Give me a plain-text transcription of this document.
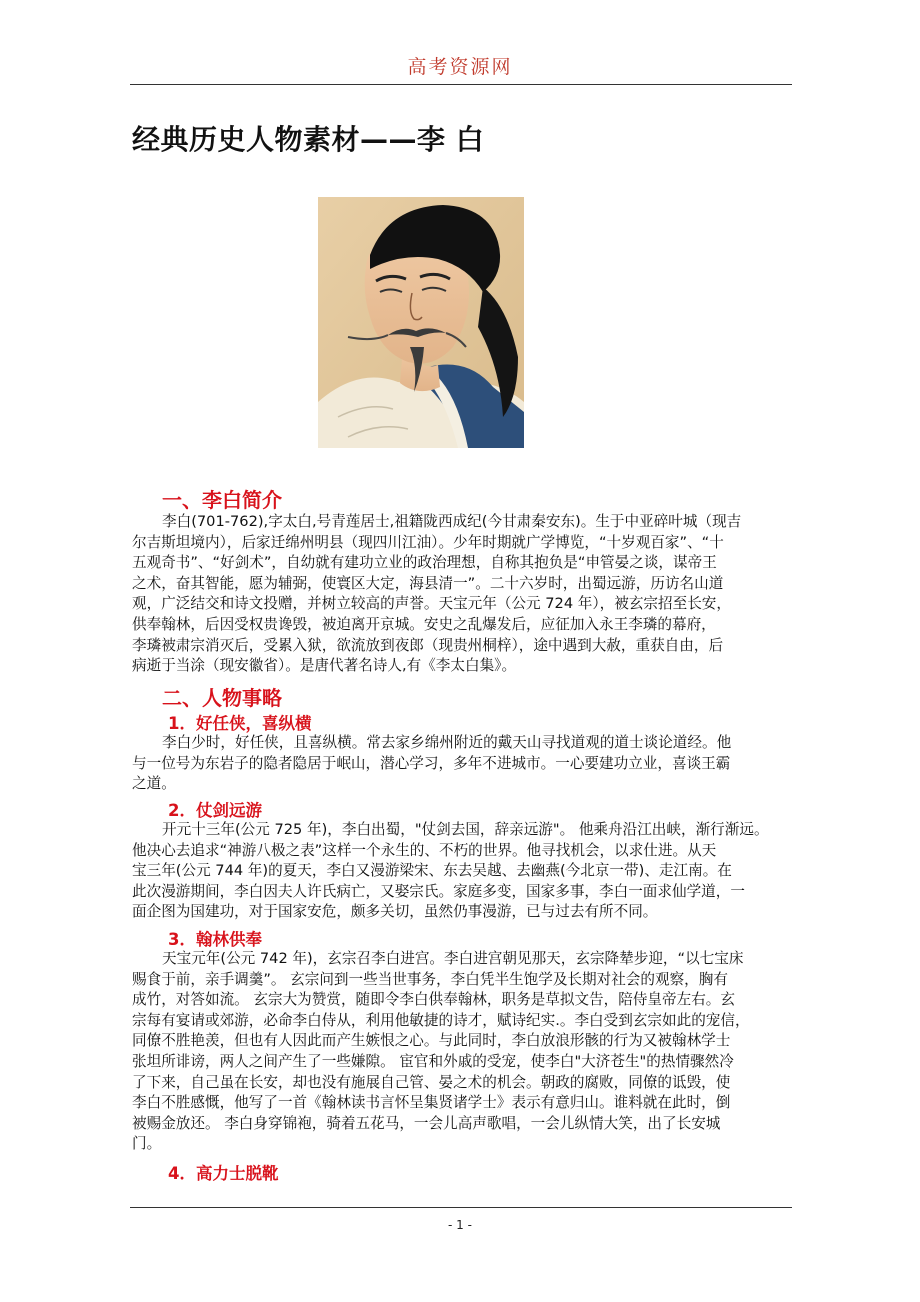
高考资源网
经典历史人物素材——李 白
一、李白简介
李白(701-762),字太白,号青莲居士,祖籍陇西成纪(今甘肃秦安东)。生于中亚碎叶城（现吉
尔吉斯坦境内），后家迁绵州明县（现四川江油）。少年时期就广学博览，“十岁观百家”、“十
五观奇书”、“好剑术”，自幼就有建功立业的政治理想，自称其抱负是“申管晏之谈，谋帝王
之术，奋其智能，愿为辅弼，使寰区大定，海县清一”。二十六岁时，出蜀远游，历访名山道
观，广泛结交和诗文投赠，并树立较高的声誉。天宝元年（公元 724 年），被玄宗招至长安，
供奉翰林，后因受权贵谗毁，被迫离开京城。安史之乱爆发后，应征加入永王李璘的幕府，
李璘被肃宗消灭后，受累入狱，欲流放到夜郎（现贵州桐梓），途中遇到大赦，重获自由，后
病逝于当涂（现安徽省）。是唐代著名诗人,有《李太白集》。
二、人物事略
1．好任侠，喜纵横
李白少时，好任侠，且喜纵横。常去家乡绵州附近的戴天山寻找道观的道士谈论道经。他
与一位号为东岩子的隐者隐居于岷山，潜心学习，多年不进城市。一心要建功立业，喜谈王霸
之道。
2．仗剑远游
开元十三年(公元 725 年)，李白出蜀，"仗剑去国，辞亲远游"。 他乘舟沿江出峡，渐行渐远。
他决心去追求“神游八极之表”这样一个永生的、不朽的世界。他寻找机会，以求仕进。从天
宝三年(公元 744 年)的夏天，李白又漫游梁宋、东去吴越、去幽燕(今北京一带)、走江南。在
此次漫游期间，李白因夫人许氏病亡，又娶宗氏。家庭多变，国家多事，李白一面求仙学道，一
面企图为国建功，对于国家安危，颇多关切，虽然仍事漫游，已与过去有所不同。
3．翰林供奉
天宝元年(公元 742 年)，玄宗召李白进宫。李白进宫朝见那天，玄宗降辇步迎，“以七宝床
赐食于前，亲手调羹”。 玄宗问到一些当世事务，李白凭半生饱学及长期对社会的观察，胸有
成竹，对答如流。 玄宗大为赞赏，随即令李白供奉翰林，职务是草拟文告，陪侍皇帝左右。玄
宗每有宴请或郊游，必命李白侍从，利用他敏捷的诗才，赋诗纪实.。李白受到玄宗如此的宠信，
同僚不胜艳羡，但也有人因此而产生嫉恨之心。与此同时，李白放浪形骸的行为又被翰林学士
张坦所诽谤，两人之间产生了一些嫌隙。 宦官和外戚的受宠，使李白"大济苍生"的热情骤然冷
了下来，自己虽在长安，却也没有施展自己管、晏之术的机会。朝政的腐败，同僚的诋毁，使
李白不胜感慨，他写了一首《翰林读书言怀呈集贤诸学士》表示有意归山。谁料就在此时，倒
被赐金放还。 李白身穿锦袍，骑着五花马，一会儿高声歌唱，一会儿纵情大笑，出了长安城
门。
4．高力士脱靴
- 1 -
